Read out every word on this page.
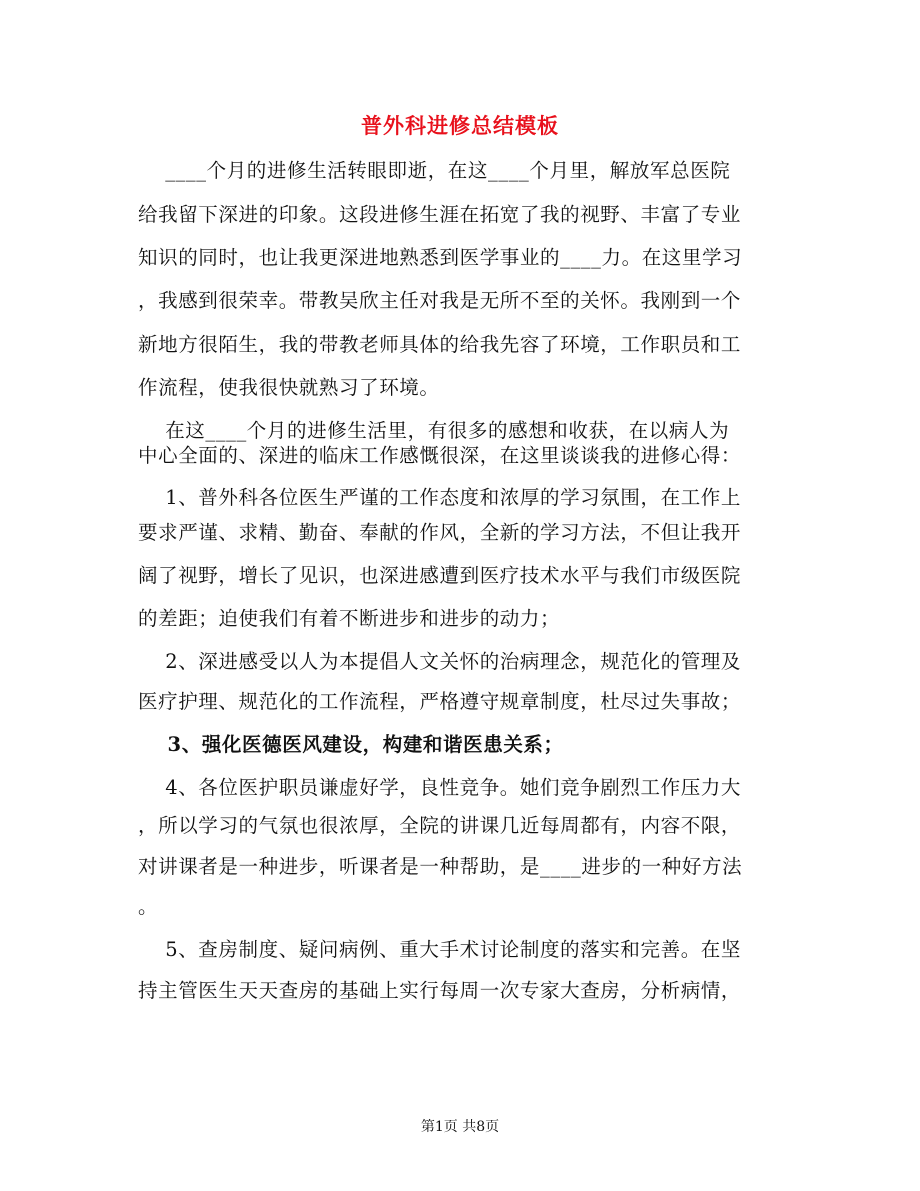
普外科进修总结模板
____个月的进修生活转眼即逝，在这____个月里，解放军总医院
给我留下深进的印象。这段进修生涯在拓宽了我的视野、丰富了专业
知识的同时，也让我更深进地熟悉到医学事业的____力。在这里学习
，我感到很荣幸。带教吴欣主任对我是无所不至的关怀。我刚到一个
新地方很陌生，我的带教老师具体的给我先容了环境，工作职员和工
作流程，使我很快就熟习了环境。
在这____个月的进修生活里，有很多的感想和收获，在以病人为
中心全面的、深进的临床工作感慨很深，在这里谈谈我的进修心得：
1、普外科各位医生严谨的工作态度和浓厚的学习氛围，在工作上
要求严谨、求精、勤奋、奉献的作风，全新的学习方法，不但让我开
阔了视野，增长了见识，也深进感遭到医疗技术水平与我们市级医院
的差距；迫使我们有着不断进步和进步的动力；
2、深进感受以人为本提倡人文关怀的治病理念，规范化的管理及
医疗护理、规范化的工作流程，严格遵守规章制度，杜尽过失事故；
3、强化医德医风建设，构建和谐医患关系；
4、各位医护职员谦虚好学，良性竞争。她们竞争剧烈工作压力大
，所以学习的气氛也很浓厚，全院的讲课几近每周都有，内容不限，
对讲课者是一种进步，听课者是一种帮助，是____进步的一种好方法
。
5、查房制度、疑问病例、重大手术讨论制度的落实和完善。在坚
持主管医生天天查房的基础上实行每周一次专家大查房，分析病情，
第1页 共8页
